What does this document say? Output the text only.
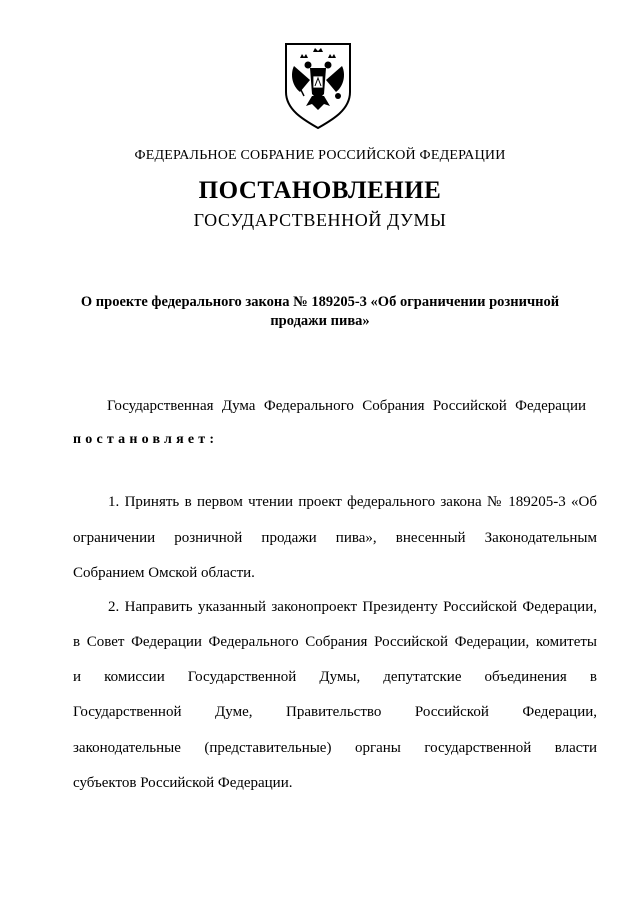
ФЕДЕРАЛЬНОЕ СОБРАНИЕ РОССИЙСКОЙ ФЕДЕРАЦИИ
ПОСТАНОВЛЕНИЕ
ГОСУДАРСТВЕННОЙ ДУМЫ
О проекте федерального закона № 189205-3 «Об ограничении розничной
продажи пива»
Государственная Дума Федерального Собрания Российской Федерации
постановляет:
1. Принять в первом чтении проект федерального закона № 189205-3 «Об
ограничении розничной продажи пива», внесенный Законодательным
Собранием Омской области.
2. Направить указанный законопроект Президенту Российской Федерации,
в Совет Федерации Федерального Собрания Российской Федерации, комитеты
и комиссии Государственной Думы, депутатские объединения в
Государственной Думе, Правительство Российской Федерации,
законодательные (представительные) органы государственной власти
субъектов Российской Федерации.
